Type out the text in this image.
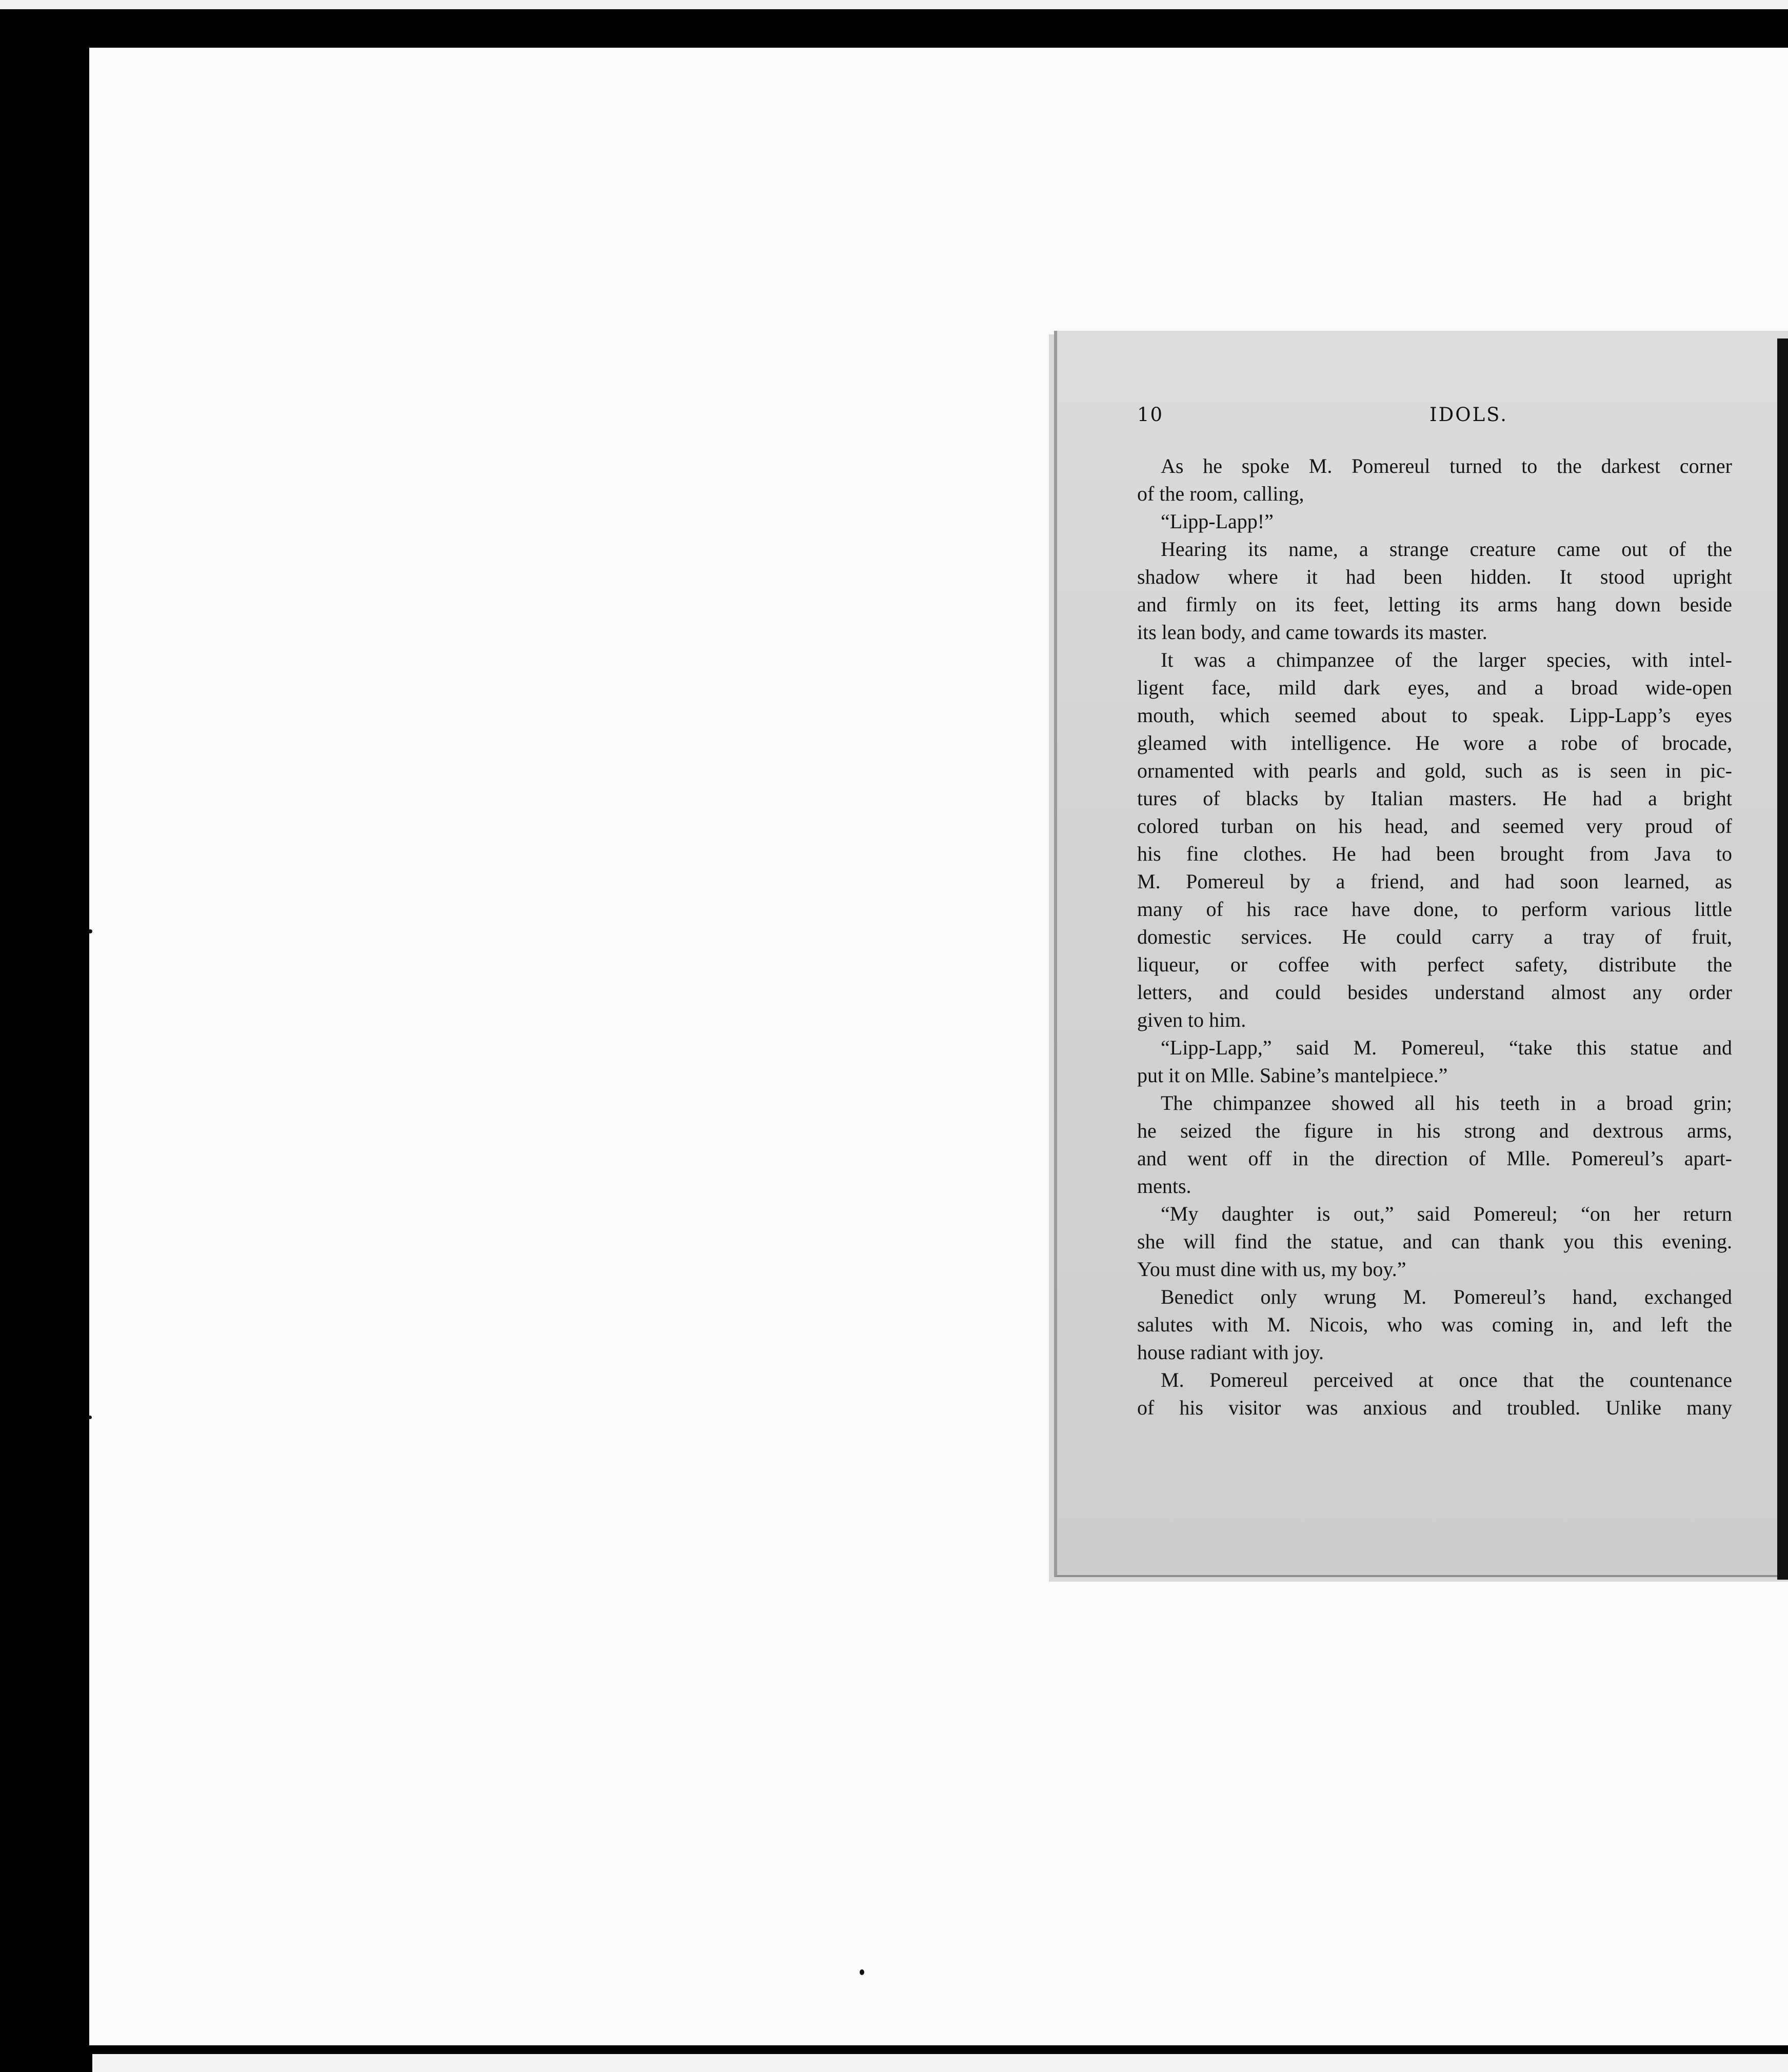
10	IDOLS.
As he spoke M. Pomereul turned to the darkest corner
of the room, calling,
“Lipp-Lapp!”
Hearing its name, a strange creature came out of the
shadow where it had been hidden. It stood upright
and firmly on its feet, letting its arms hang down beside
its lean body, and came towards its master.
It was a chimpanzee of the larger species, with intel-
ligent face, mild dark eyes, and a broad wide-open
mouth, which seemed about to speak. Lipp-Lapp’s eyes
gleamed with intelligence. He wore a robe of brocade,
ornamented with pearls and gold, such as is seen in pic-
tures of blacks by Italian masters. He had a bright
colored turban on his head, and seemed very proud of
his fine clothes. He had been brought from Java to
M. Pomereul by a friend, and had soon learned, as
many of his race have done, to perform various little
domestic services. He could carry a tray of fruit,
liqueur, or coffee with perfect safety, distribute the
letters, and could besides understand almost any order
given to him.
“Lipp-Lapp,” said M. Pomereul, “take this statue and
put it on Mlle. Sabine’s mantelpiece.”
The chimpanzee showed all his teeth in a broad grin;
he seized the figure in his strong and dextrous arms,
and went off in the direction of Mlle. Pomereul’s apart-
ments.
“My daughter is out,” said Pomereul; “on her return
she will find the statue, and can thank you this evening.
You must dine with us, my boy.”
Benedict only wrung M. Pomereul’s hand, exchanged
salutes with M. Nicois, who was coming in, and left the
house radiant with joy.
M. Pomereul perceived at once that the countenance
of his visitor was anxious and troubled. Unlike many
